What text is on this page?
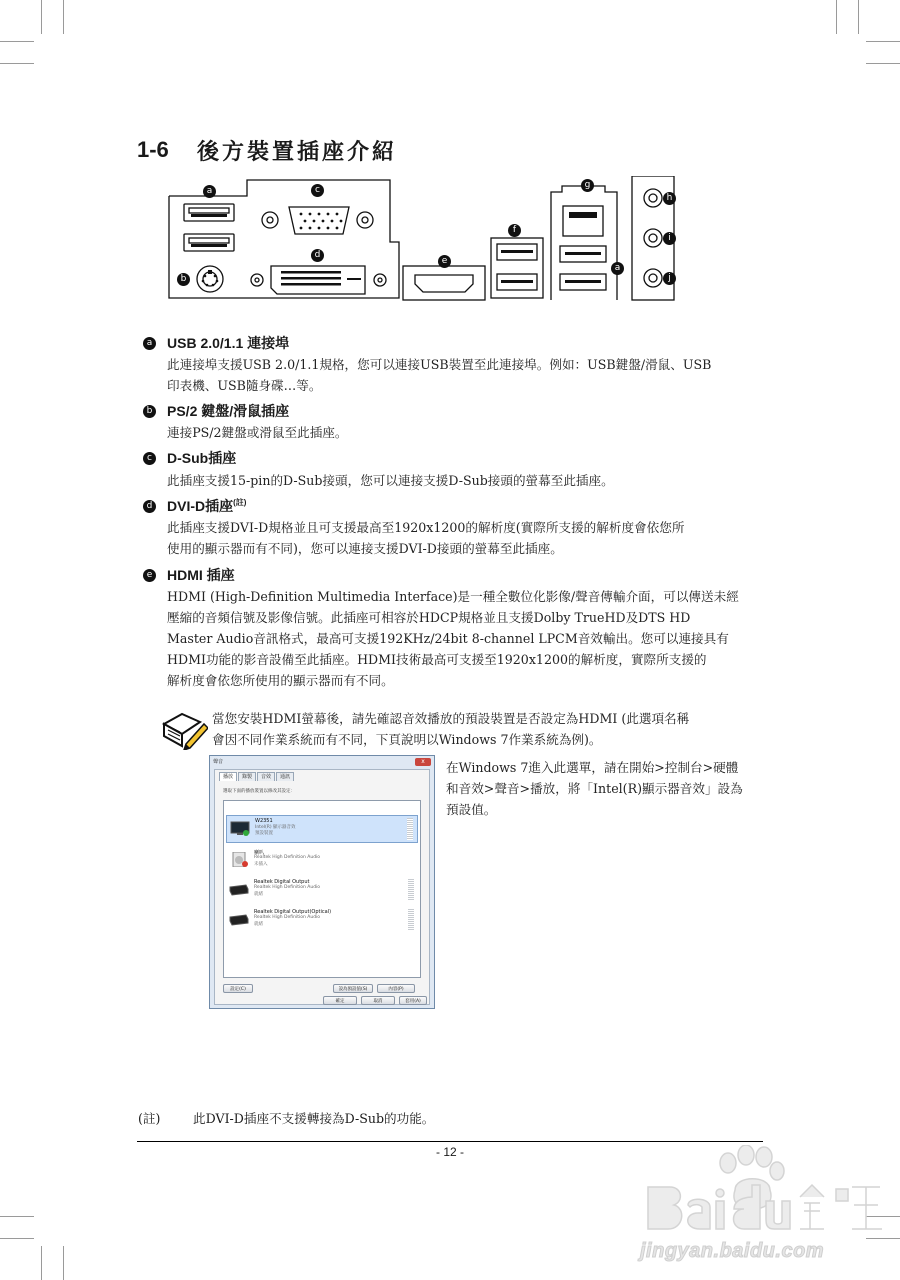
1-6 後方裝置插座介紹
a
b
c
d
e
f
g
h
i
j
a
a USB 2.0/1.1 連接埠
此連接埠支援USB 2.0/1.1規格，您可以連接USB裝置至此連接埠。例如：USB鍵盤/滑鼠、USB
印表機、USB隨身碟…等。
b PS/2 鍵盤/滑鼠插座
連接PS/2鍵盤或滑鼠至此插座。
c D-Sub插座
此插座支援15-pin的D-Sub接頭，您可以連接支援D-Sub接頭的螢幕至此插座。
d DVI-D插座$^{(註)}$
此插座支援DVI-D規格並且可支援最高至1920x1200的解析度(實際所支援的解析度會依您所
使用的顯示器而有不同)，您可以連接支援DVI-D接頭的螢幕至此插座。
e HDMI 插座
HDMI (High-Definition Multimedia Interface)是一種全數位化影像/聲音傳輸介面，可以傳送未經
壓縮的音頻信號及影像信號。此插座可相容於HDCP規格並且支援Dolby TrueHD及DTS HD
Master Audio音訊格式，最高可支援192KHz/24bit 8-channel LPCM音效輸出。您可以連接具有
HDMI功能的影音設備至此插座。HDMI技術最高可支援至1920x1200的解析度，實際所支援的
解析度會依您所使用的顯示器而有不同。
當您安裝HDMI螢幕後，請先確認音效播放的預設裝置是否設定為HDMI (此選項名稱
會因不同作業系統而有不同，下頁說明以Windows 7作業系統為例)。
聲音	x
播放	錄製	音效	通訊
選取下面的播放裝置以修改其設定：
W2351
Intel(R) 顯示器音效
預設裝置
喇叭
Realtek High Definition Audio
未插入
Realtek Digital Output
Realtek High Definition Audio
就緒
Realtek Digital Output(Optical)
Realtek High Definition Audio
就緒
設定(C)	設為預設值(S)	內容(P)
確定	取消	套用(A)
在Windows 7進入此選單，請在開始>控制台>硬體
和音效>聲音>播放，將「Intel(R)顯示器音效」設為
預設值。
(註)	此DVI-D插座不支援轉接為D-Sub的功能。
- 12 -
jingyan.baidu.com
